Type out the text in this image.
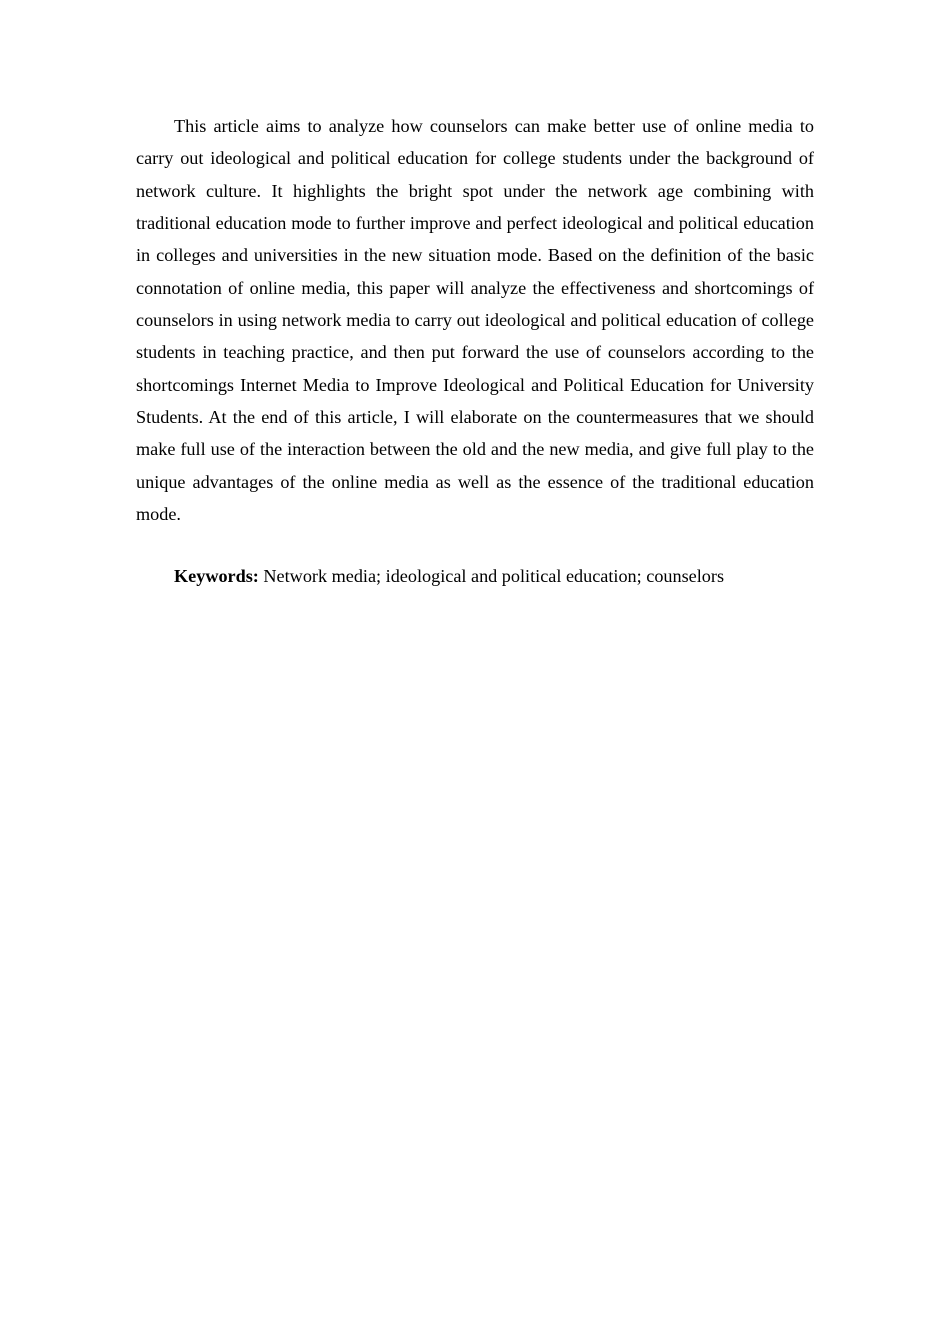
This article aims to analyze how counselors can make better use of online media to carry out ideological and political education for college students under the background of network culture. It highlights the bright spot under the network age combining with traditional education mode to further improve and perfect ideological and political education in colleges and universities in the new situation mode. Based on the definition of the basic connotation of online media, this paper will analyze the effectiveness and shortcomings of counselors in using network media to carry out ideological and political education of college students in teaching practice, and then put forward the use of counselors according to the shortcomings Internet Media to Improve Ideological and Political Education for University Students. At the end of this article, I will elaborate on the countermeasures that we should make full use of the interaction between the old and the new media, and give full play to the unique advantages of the online media as well as the essence of the traditional education mode.

Keywords: Network media; ideological and political education; counselors
